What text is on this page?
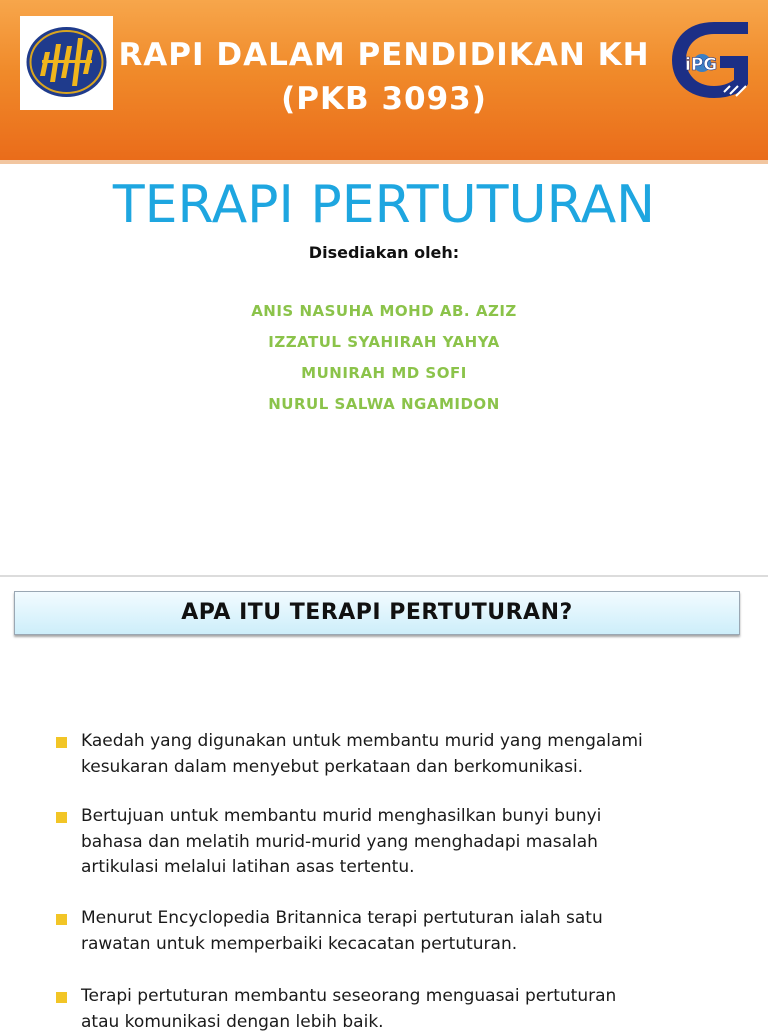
RAPI DALAM PENDIDIKAN KH
(PKB 3093)
iPG
TERAPI PERTUTURAN
Disediakan oleh:
ANIS NASUHA MOHD AB. AZIZ
IZZATUL SYAHIRAH YAHYA
MUNIRAH MD SOFI
NURUL SALWA NGAMIDON
APA ITU TERAPI PERTUTURAN?
Kaedah yang digunakan untuk membantu murid yang mengalami
kesukaran dalam menyebut perkataan dan berkomunikasi.
Bertujuan untuk membantu murid menghasilkan bunyi bunyi
bahasa dan melatih murid-murid yang menghadapi masalah
artikulasi melalui latihan asas tertentu.
Menurut Encyclopedia Britannica terapi pertuturan ialah satu
rawatan untuk memperbaiki kecacatan pertuturan.
Terapi pertuturan membantu seseorang menguasai pertuturan
atau komunikasi dengan lebih baik.
